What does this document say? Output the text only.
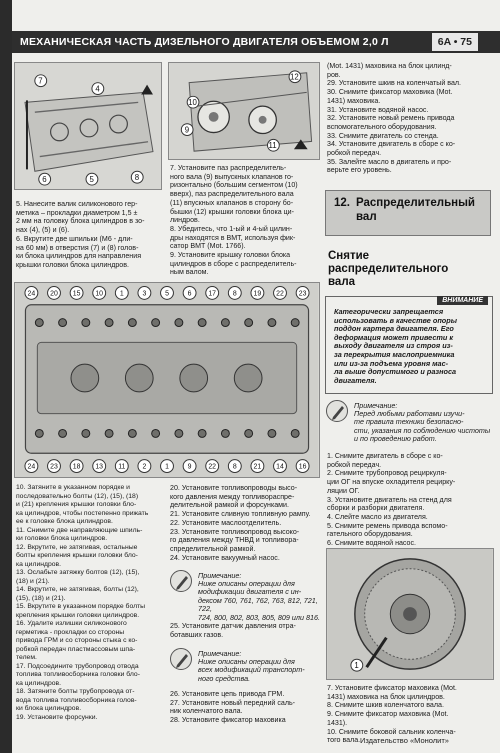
МЕХАНИЧЕСКАЯ ЧАСТЬ ДИЗЕЛЬНОГО ДВИГАТЕЛЯ ОБЪЕМОМ 2,0 Л	6A • 75
7
6	5	8
4
12
10
9
11

5. Нанесите валик силиконового гер-

метика – прокладки диаметром 1,5 ±

2 мм на головку блока цилиндров в зо-

нах (4), (5) и (6).

6. Вкрутите две шпильки (M6 - дли-

на 60 мм) в отверстия (7) и (8) голов-

ки блока цилиндров для направления

крышки головки блока цилиндров.

7. Установите паз распределитель-

ного вала (9) выпускных клапанов го-

ризонтально (большим сегментом (10)

вверх), паз распределительного вала

(11) впускных клапанов в сторону бо-

бышки (12) крышки головки блока ци-

линдров.

8. Убедитесь, что 1-ый и 4-ый цилин-

дры находятся в ВМТ, используя фик-

сатор ВМТ (Mot. 1766).

9. Установите крышку головки блока

цилиндров в сборе с распределитель-

ным валом.

(Mot. 1431) маховика на блок цилинд-

ров.

29. Установите шкив на коленчатый вал.

30. Снимите фиксатор маховика (Mot.

1431) маховика.

31. Установите водяной насос.

32. Установите новый ремень привода

вспомогательного оборудования.

33. Снимите двигатель со стенда.

34. Установите двигатель в сборе с ко-

робкой передач.

35. Залейте масло в двигатель и про-

верьте его уровень.

12. Распределительный
вал
Снятие
распределительного
вала
ВНИМАНИЕ
Категорически запрещается
использовать в качестве опоры
поддон картера двигателя. Его
деформация может привести к
выходу двигателя из строя из-
за перекрытия маслоприемника
или из-за подъема уровня мас-
ла выше допустимого и разноса
двигателя.
Примечание:
Перед любыми работами изучи-
те правила техники безопасно-
сти, указания по соблюдению чистоты
и по проведению работ.

1. Снимите двигатель в сборе с ко-

робкой передач.

2. Снимите трубопровод рециркуля-

ции ОГ на впуске охладителя рецирку-

ляции ОГ.

3. Установите двигатель на стенд для

сборки и разборки двигателя.

4. Слейте масло из двигателя.

5. Снимите ремень привода вспомо-

гательного оборудования.

6. Снимите водяной насос.

24 20 15 10 1	3	5	6 17 8 19 22 23
24 23 18 13 11 2	1	9 22 8 21 14 16

10. Затяните в указанном порядке и

последовательно болты (12), (15), (18)

и (21) крепления крышки головки бло-

ка цилиндров, чтобы постепенно прижать

ее к головке блока цилиндров.

11. Снимите две направляющие шпиль-

ки головки блока цилиндров.

12. Вкрутите, не затягивая, остальные

болты крепления крышки головки бло-

ка цилиндров.

13. Ослабьте затяжку болтов (12), (15),

(18) и (21).

14. Вкрутите, не затягивая, болты (12),

(15), (18) и (21).

15. Вкрутите в указанном порядке болты

крепления крышки головки цилиндров.

16. Удалите излишки силиконового

герметика - прокладки со стороны

привода ГРМ и со стороны стыка с ко-

робкой передач пластмассовым шпа-

телем.

17. Подсоедините трубопровод отвода

топлива топливосборника головки бло-

ка цилиндров.

18. Затяните болты трубопровода от-

вода топлива топливосборника голов-

ки блока цилиндров.

19. Установите форсунки.

20. Установите топливопроводы высо-

кого давления между топливораспре-

делительной рамкой и форсунками.

21. Установите сливную топливную рампу.

22. Установите маслоотделитель.

23. Установите топливопровод высоко-

го давления между ТНВД и топливора-

спределительной рамкой.

24. Установите вакуумный насос.

Примечание:
Ниже описаны операции для
модификации двигателя с ин-
дексом 760, 761, 762, 763, 812, 721, 722,
724, 800, 802, 803, 805, 809 или 816.

25. Установите датчик давления отра-

ботавших газов.

Примечание:
Ниже описаны операции для
всех модификаций транспорт-
ного средства.

26. Установите цепь привода ГРМ.

27. Установите новый передний саль-

ник коленчатого вала.

28. Установите фиксатор маховика

1

7. Установите фиксатор маховика (Mot.

1431) маховика на блок цилиндров.

8. Снимите шкив коленчатого вала.

9. Снимите фиксатор маховика (Mot.

1431).

10. Снимите боковой сальник коленча-

того вала. Издательство «Монолит»
